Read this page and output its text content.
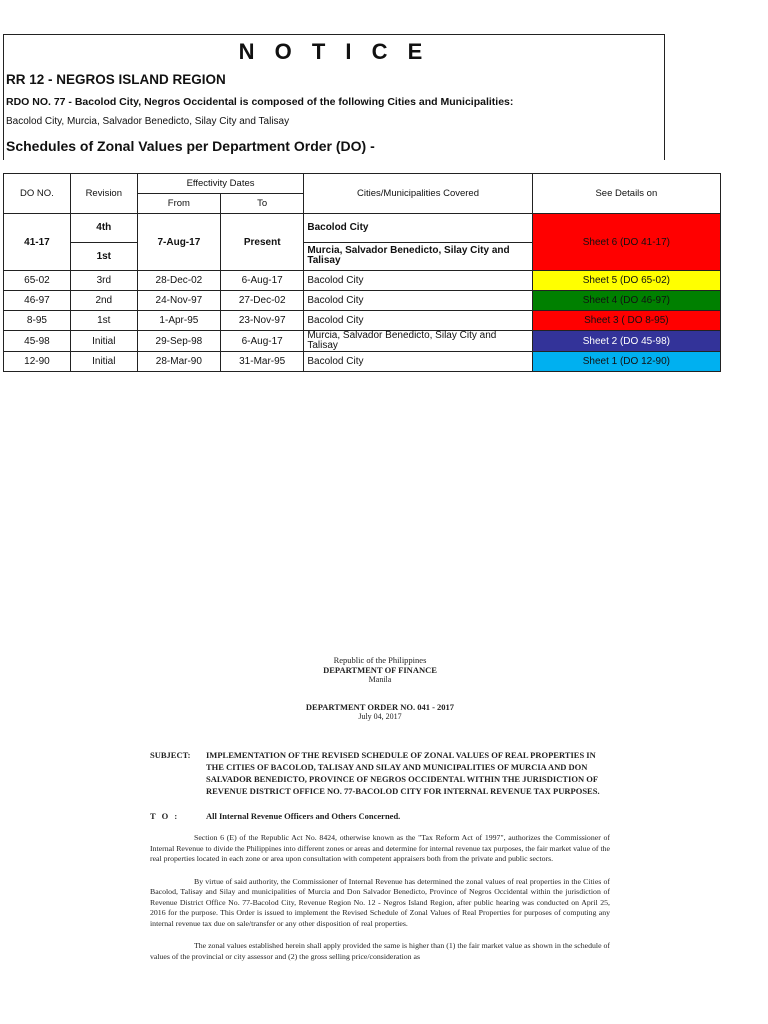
N O T I C E
RR 12 - NEGROS ISLAND REGION
RDO NO. 77 - Bacolod City, Negros Occidental is composed of the following Cities and Municipalities:
Bacolod City, Murcia, Salvador Benedicto, Silay City and Talisay
Schedules of Zonal Values per Department Order (DO) -
DO NO.	Revision	Effectivity Dates		Cities/Municipalities Covered	See Details on
		From	To		
41-17	4th	7-Aug-17	Present	Bacolod City	Sheet 6 (DO 41-17)
	1st			Murcia, Salvador Benedicto, Silay City and Talisay	
65-02	3rd	28-Dec-02	6-Aug-17	Bacolod City	Sheet 5 (DO 65-02)
46-97	2nd	24-Nov-97	27-Dec-02	Bacolod City	Sheet 4 (DO 46-97)
8-95	1st	1-Apr-95	23-Nov-97	Bacolod City	Sheet 3 ( DO 8-95)
45-98	Initial	29-Sep-98	6-Aug-17	Murcia, Salvador Benedicto, Silay City and Talisay	Sheet 2 (DO 45-98)
12-90	Initial	28-Mar-90	31-Mar-95	Bacolod City	Sheet 1 (DO 12-90)
Republic of the Philippines
DEPARTMENT OF FINANCE
Manila
DEPARTMENT ORDER NO. 041 - 2017
July 04, 2017
SUBJECT:	IMPLEMENTATION OF THE REVISED SCHEDULE OF ZONAL VALUES OF REAL PROPERTIES IN THE CITIES OF BACOLOD, TALISAY AND SILAY AND MUNICIPALITIES OF MURCIA AND DON SALVADOR BENEDICTO, PROVINCE OF NEGROS OCCIDENTAL WITHIN THE JURISDICTION OF REVENUE DISTRICT OFFICE NO. 77-BACOLOD CITY FOR INTERNAL REVENUE TAX PURPOSES.
T O :	All Internal Revenue Officers and Others Concerned.
Section 6 (E) of the Republic Act No. 8424, otherwise known as the "Tax Reform Act of 1997", authorizes the Commissioner of Internal Revenue to divide the Philippines into different zones or areas and determine for internal revenue tax purposes, the fair market value of the real properties located in each zone or area upon consultation with competent appraisers both from the private and public sectors.
By virtue of said authority, the Commissioner of Internal Revenue has determined the zonal values of real properties in the Cities of Bacolod, Talisay and Silay and municipalities of Murcia and Don Salvador Benedicto, Province of Negros Occidental within the jurisdiction of Revenue District Office No. 77-Bacolod City, Revenue Region No. 12 - Negros Island Region, after public hearing was conducted on April 25, 2016 for the purpose. This Order is issued to implement the Revised Schedule of Zonal Values of Real Properties for purposes of computing any internal revenue tax due on sale/transfer or any other disposition of real properties.
The zonal values established herein shall apply provided the same is higher than (1) the fair market value as shown in the schedule of values of the provincial or city assessor and (2) the gross selling price/consideration as
